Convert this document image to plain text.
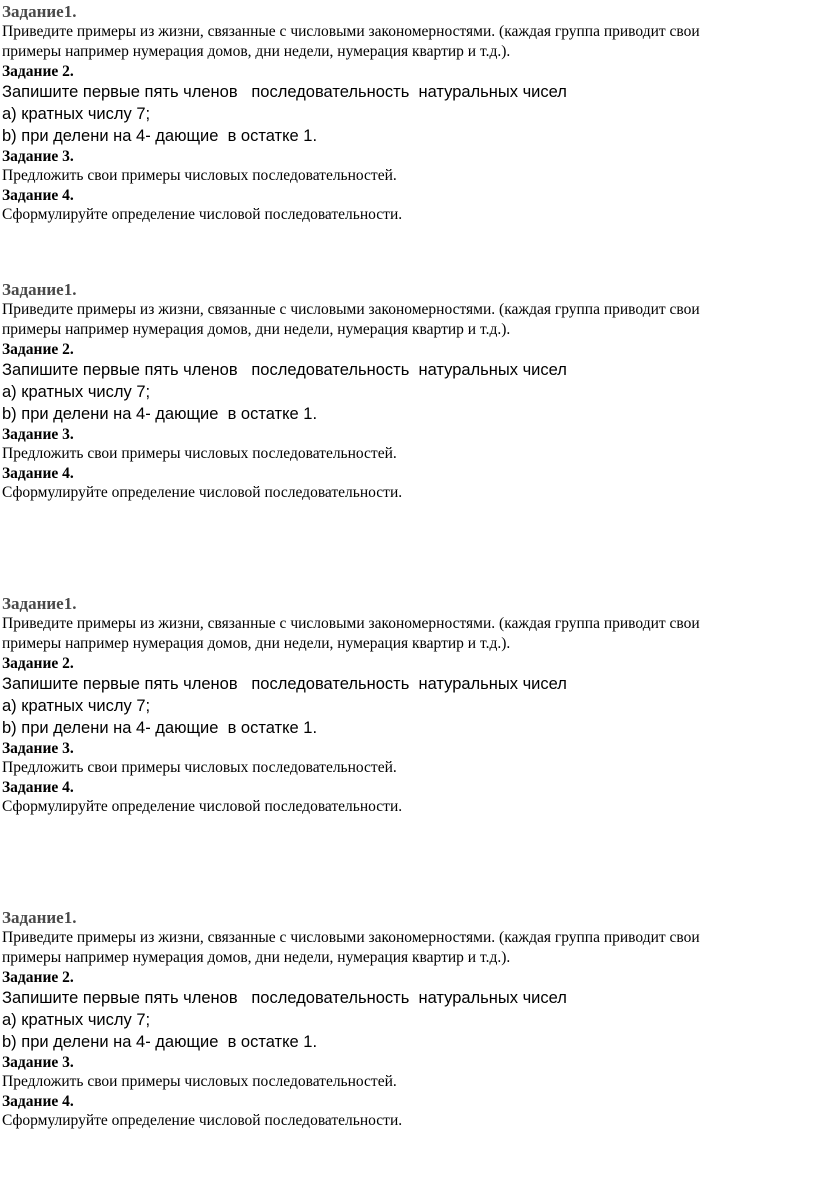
Задание1.
Приведите примеры из жизни, связанные с числовыми закономерностями. (каждая группа приводит свои
примеры например нумерация домов, дни недели, нумерация квартир и т.д.).
Задание 2.
Запишите первые пять членов   последовательность  натуральных чисел
а) кратных числу 7;
b) при делени на 4- дающие  в остатке 1.
Задание 3.
Предложить свои примеры числовых последовательностей.
Задание 4.
Сформулируйте определение числовой последовательности.
Задание1.
Приведите примеры из жизни, связанные с числовыми закономерностями. (каждая группа приводит свои
примеры например нумерация домов, дни недели, нумерация квартир и т.д.).
Задание 2.
Запишите первые пять членов   последовательность  натуральных чисел
а) кратных числу 7;
b) при делени на 4- дающие  в остатке 1.
Задание 3.
Предложить свои примеры числовых последовательностей.
Задание 4.
Сформулируйте определение числовой последовательности.
Задание1.
Приведите примеры из жизни, связанные с числовыми закономерностями. (каждая группа приводит свои
примеры например нумерация домов, дни недели, нумерация квартир и т.д.).
Задание 2.
Запишите первые пять членов   последовательность  натуральных чисел
а) кратных числу 7;
b) при делени на 4- дающие  в остатке 1.
Задание 3.
Предложить свои примеры числовых последовательностей.
Задание 4.
Сформулируйте определение числовой последовательности.
Задание1.
Приведите примеры из жизни, связанные с числовыми закономерностями. (каждая группа приводит свои
примеры например нумерация домов, дни недели, нумерация квартир и т.д.).
Задание 2.
Запишите первые пять членов   последовательность  натуральных чисел
а) кратных числу 7;
b) при делени на 4- дающие  в остатке 1.
Задание 3.
Предложить свои примеры числовых последовательностей.
Задание 4.
Сформулируйте определение числовой последовательности.
